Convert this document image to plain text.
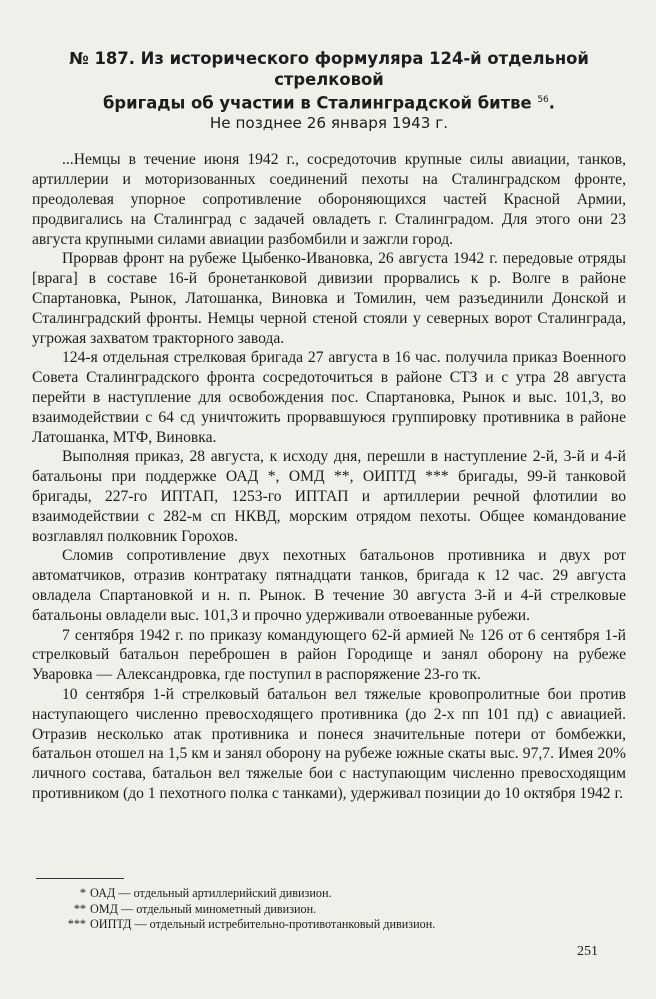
№ 187. Из исторического формуляра 124-й отдельной стрелковой
бригады об участии в Сталинградской битве $^{56}$.

Не позднее 26 января 1943 г.

...Немцы в течение июня 1942 г., сосредоточив крупные силы авиации, танков, артиллерии и моторизованных соединений пехоты на Сталинградском фронте, преодолевая упорное сопротивление обороняющихся частей Красной Армии, продвигались на Сталинград с задачей овладеть г. Сталинградом. Для этого они 23 августа крупными силами авиации разбомбили и зажгли город.

Прорвав фронт на рубеже Цыбенко-Ивановка, 26 августа 1942 г. передовые отряды [врага] в составе 16-й бронетанковой дивизии прорвались к р. Волге в районе Спартановка, Рынок, Латошанка, Виновка и Томилин, чем разъединили Донской и Сталинградский фронты. Немцы черной стеной стояли у северных ворот Сталинграда, угрожая захватом тракторного завода.

124-я отдельная стрелковая бригада 27 августа в 16 час. получила приказ Военного Совета Сталинградского фронта сосредоточиться в районе СТЗ и с утра 28 августа перейти в наступление для освобождения пос. Спартановка, Рынок и выс. 101,3, во взаимодействии с 64 сд уничтожить прорвавшуюся группировку противника в районе Латошанка, МТФ, Виновка.

Выполняя приказ, 28 августа, к исходу дня, перешли в наступление 2-й, 3-й и 4-й батальоны при поддержке ОАД *, ОМД **, ОИПТД *** бригады, 99-й танковой бригады, 227-го ИПТАП, 1253-го ИПТАП и артиллерии речной флотилии во взаимодействии с 282-м сп НКВД, морским отрядом пехоты. Общее командование возглавлял полковник Горохов.

Сломив сопротивление двух пехотных батальонов противника и двух рот автоматчиков, отразив контратаку пятнадцати танков, бригада к 12 час. 29 августа овладела Спартановкой и н. п. Рынок. В течение 30 августа 3-й и 4-й стрелковые батальоны овладели выс. 101,3 и прочно удерживали отвоеванные рубежи.

7 сентября 1942 г. по приказу командующего 62-й армией № 126 от 6 сентября 1-й стрелковый батальон переброшен в район Городище и занял оборону на рубеже Уваровка — Александровка, где поступил в распоряжение 23-го тк.

10 сентября 1-й стрелковый батальон вел тяжелые кровопролитные бои против наступающего численно превосходящего противника (до 2-х пп 101 пд) с авиацией. Отразив несколько атак противника и понеся значительные потери от бомбежки, батальон отошел на 1,5 км и занял оборону на рубеже южные скаты выс. 97,7. Имея 20% личного состава, батальон вел тяжелые бои с наступающим численно превосходящим противником (до 1 пехотного полка с танками), удерживал позиции до 10 октября 1942 г.

* ОАД — отдельный артиллерийский дивизион.

** ОМД — отдельный минометный дивизион.

*** ОИПТД — отдельный истребительно-противотанковый дивизион.

251
